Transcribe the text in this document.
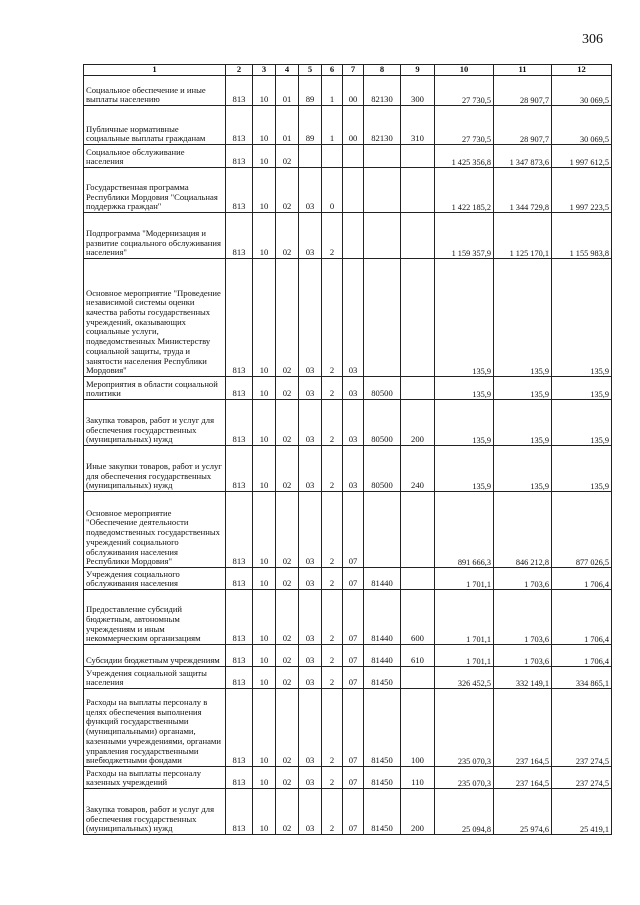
306
1	2	3	4	5	6	7	8	9	10	11	12
Социальное обеспечение и иные выплаты населению	813	10	01	89	1	00	82130	300	27 730,5	28 907,7	30 069,5
Публичные нормативные социальные выплаты гражданам	813	10	01	89	1	00	82130	310	27 730,5	28 907,7	30 069,5
Социальное обслуживание населения	813	10	02						1 425 356,8	1 347 873,6	1 997 612,5
Государственная программа Республики Мордовия "Социальная поддержка граждан"	813	10	02	03	0				1 422 185,2	1 344 729,8	1 997 223,5
Подпрограмма "Модернизация и развитие социального обслуживания населения"	813	10	02	03	2				1 159 357,9	1 125 170,1	1 155 983,8
Основное мероприятие "Проведение независимой системы оценки качества работы государственных учреждений, оказывающих социальные услуги, подведомственных Министерству социальной защиты, труда и занятости населения Республики Мордовия"	813	10	02	03	2	03			135,9	135,9	135,9
Мероприятия в области социальной политики	813	10	02	03	2	03	80500		135,9	135,9	135,9
Закупка товаров, работ и услуг для обеспечения государственных (муниципальных) нужд	813	10	02	03	2	03	80500	200	135,9	135,9	135,9
Иные закупки товаров, работ и услуг для обеспечения государственных (муниципальных) нужд	813	10	02	03	2	03	80500	240	135,9	135,9	135,9
Основное мероприятие "Обеспечение деятельности подведомственных государственных учреждений социального обслуживания населения Республики Мордовия"	813	10	02	03	2	07			891 666,3	846 212,8	877 026,5
Учреждения социального обслуживания населения	813	10	02	03	2	07	81440		1 701,1	1 703,6	1 706,4
Предоставление субсидий бюджетным, автономным учреждениям и иным некоммерческим организациям	813	10	02	03	2	07	81440	600	1 701,1	1 703,6	1 706,4
Субсидии бюджетным учреждениям	813	10	02	03	2	07	81440	610	1 701,1	1 703,6	1 706,4
Учреждения социальной защиты населения	813	10	02	03	2	07	81450		326 452,5	332 149,1	334 865,1
Расходы на выплаты персоналу в целях обеспечения выполнения функций государственными (муниципальными) органами, казенными учреждениями, органами управления государственными внебюджетными фондами	813	10	02	03	2	07	81450	100	235 070,3	237 164,5	237 274,5
Расходы на выплаты персоналу казенных учреждений	813	10	02	03	2	07	81450	110	235 070,3	237 164,5	237 274,5
Закупка товаров, работ и услуг для обеспечения государственных (муниципальных) нужд	813	10	02	03	2	07	81450	200	25 094,8	25 974,6	25 419,1
